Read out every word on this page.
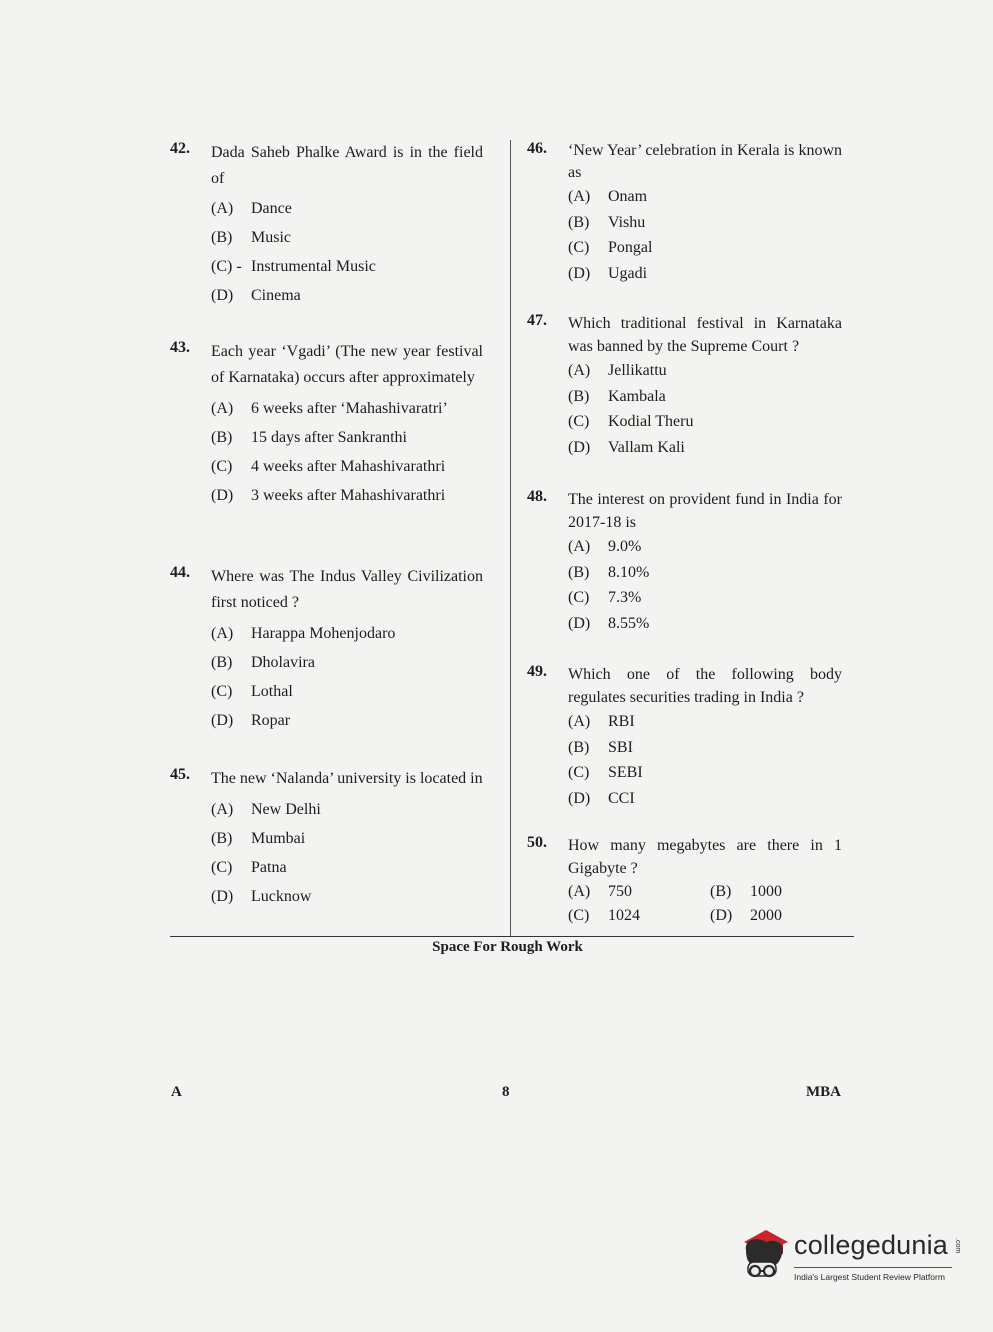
42. Dada Saheb Phalke Award is in the field of
(A) Dance
(B) Music
(C) - Instrumental Music
(D) Cinema
43. Each year ‘Vgadi’ (The new year festival of Karnataka) occurs after approximately
(A) 6 weeks after ‘Mahashivaratri’
(B) 15 days after Sankranthi
(C) 4 weeks after Mahashivarathri
(D) 3 weeks after Mahashivarathri
44. Where was The Indus Valley Civilization first noticed ?
(A) Harappa Mohenjodaro
(B) Dholavira
(C) Lothal
(D) Ropar
45. The new ‘Nalanda’ university is located in
(A) New Delhi
(B) Mumbai
(C) Patna
(D) Lucknow
46. ‘New Year’ celebration in Kerala is known as
(A) Onam
(B) Vishu
(C) Pongal
(D) Ugadi
47. Which traditional festival in Karnataka was banned by the Supreme Court ?
(A) Jellikattu
(B) Kambala
(C) Kodial Theru
(D) Vallam Kali
48. The interest on provident fund in India for 2017-18 is
(A) 9.0%
(B) 8.10%
(C) 7.3%
(D) 8.55%
49. Which one of the following body regulates securities trading in India ?
(A) RBI
(B) SBI
(C) SEBI
(D) CCI
50. How many megabytes are there in 1 Gigabyte ?
(A) 750	(B) 1000
(C) 1024	(D) 2000
Space For Rough Work
A	8	MBA
collegedunia .com
India's Largest Student Review Platform
